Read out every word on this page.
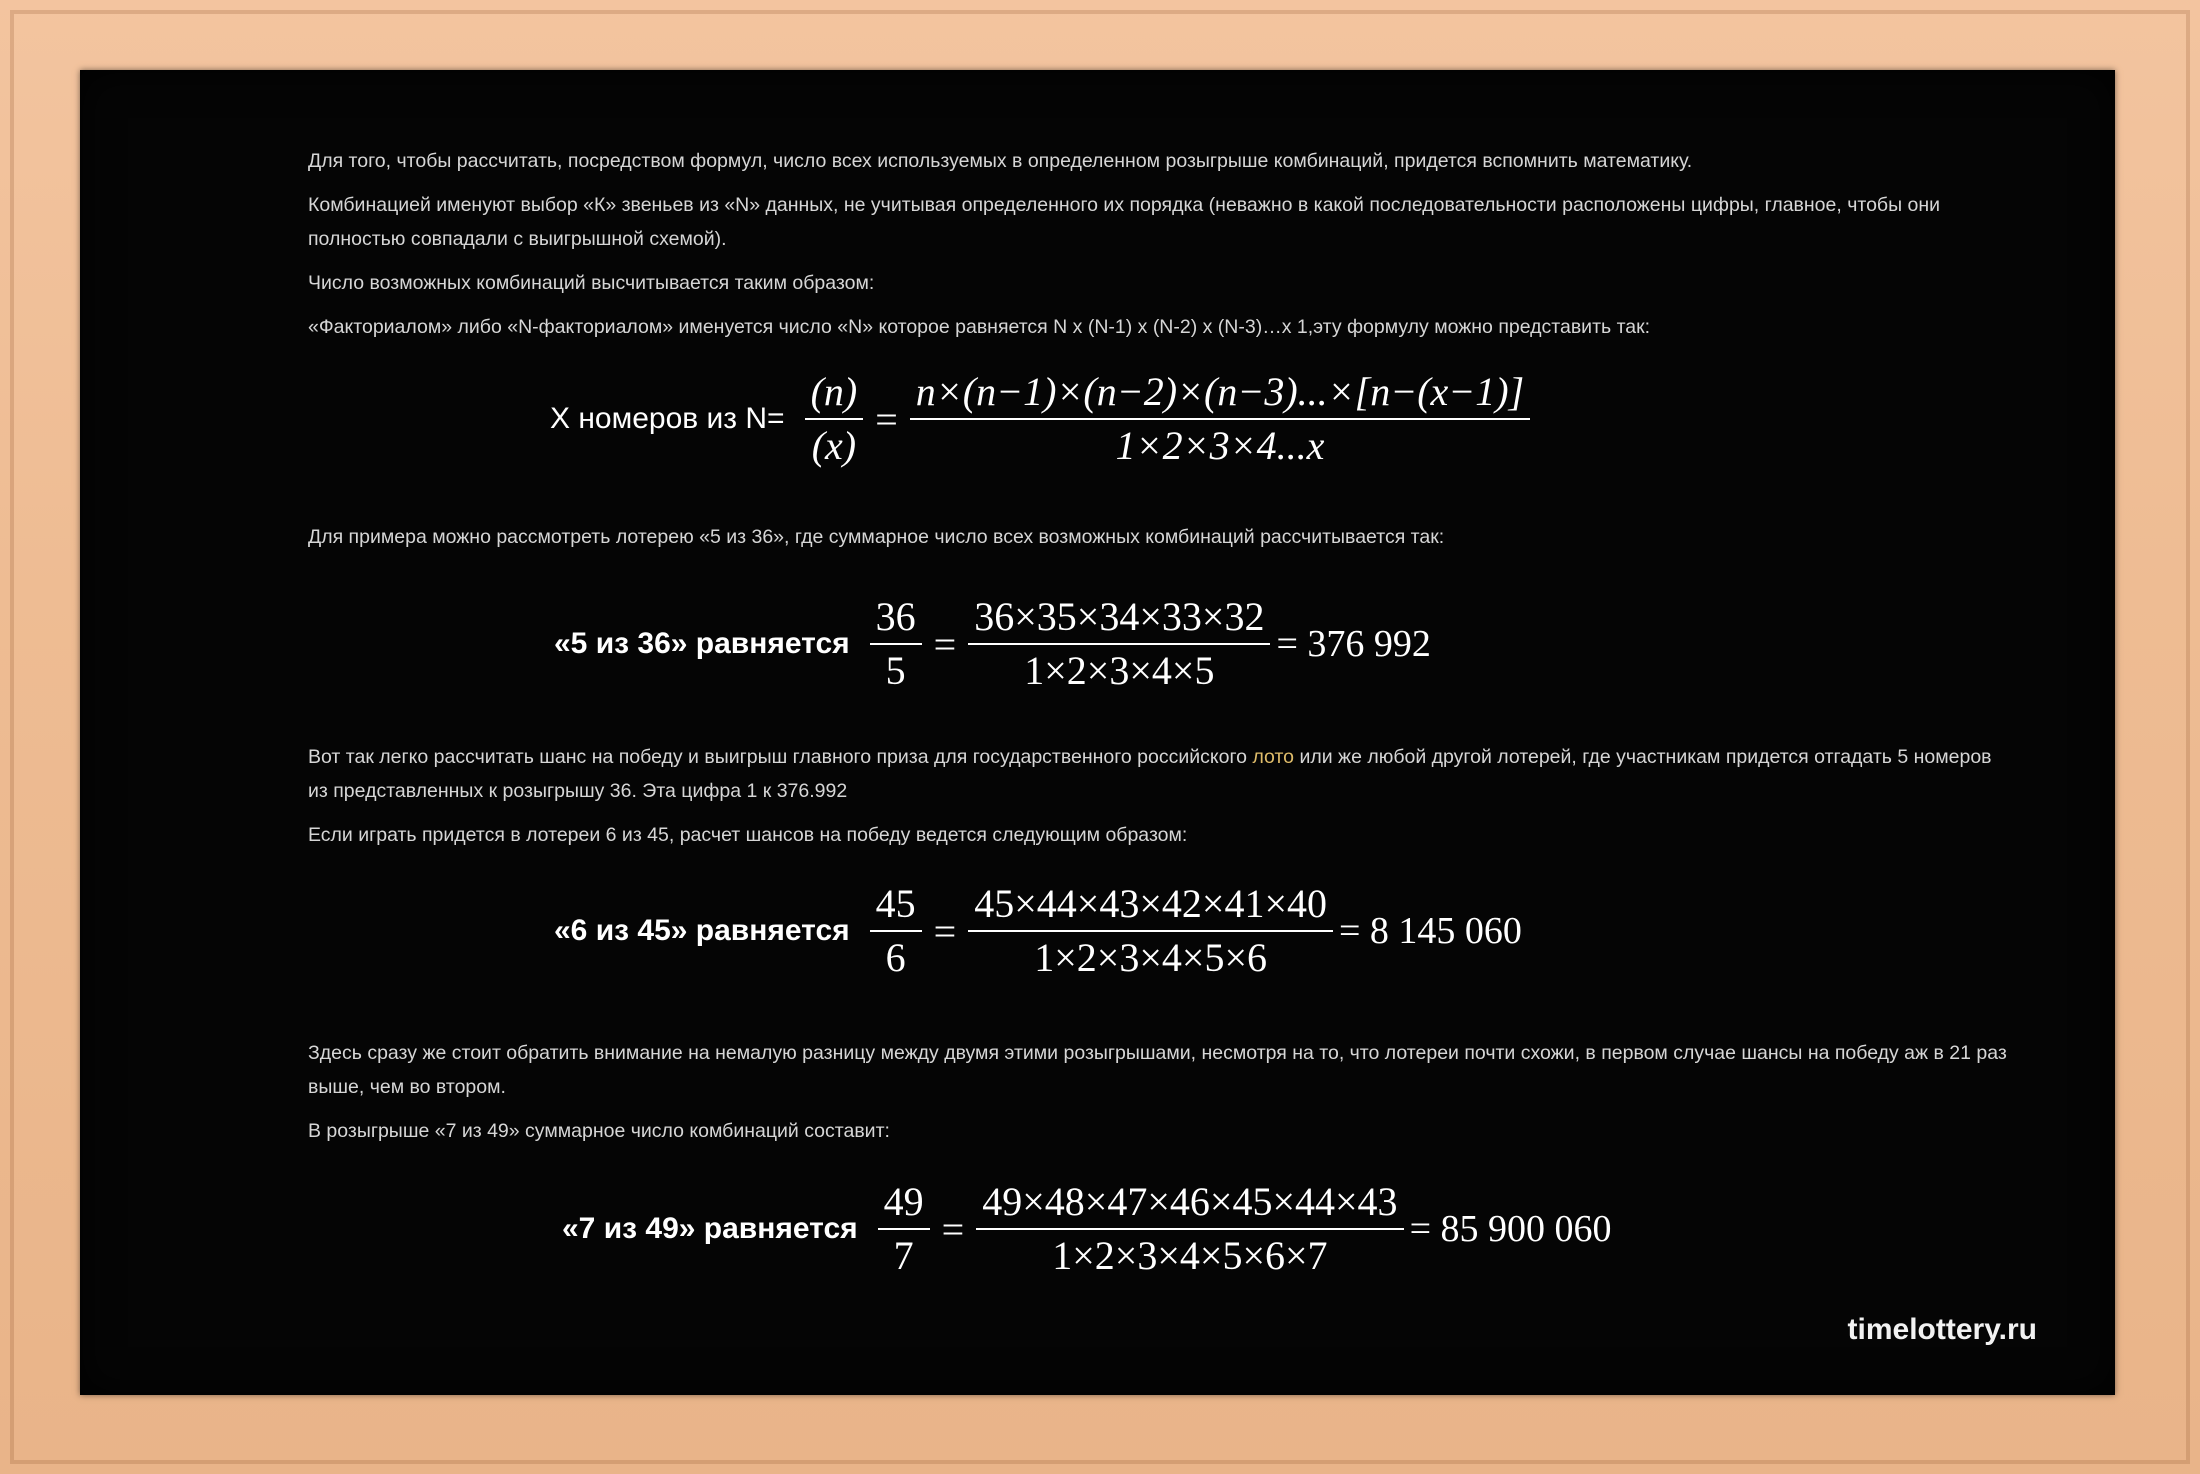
Для того, чтобы рассчитать, посредством формул, число всех используемых в определенном розыгрыше комбинаций, придется вспомнить математику.

Комбинацией именуют выбор «К» звеньев из «N» данных, не учитывая определенного их порядка (неважно в какой последовательности расположены цифры, главное, чтобы они полностью совпадали с выигрышной схемой).

Число возможных комбинаций высчитывается таким образом:

«Факториалом» либо «N-факториалом» именуется число «N» которое равняется N x (N-1) x (N-2) x (N-3)…x 1,эту формулу можно представить так:

X номеров из $N= \frac{(n)}{(x)} = \frac{n\times(n-1)\times(n-2)\times(n-3)...\times[n-(x-1)]}{1\times 2\times 3\times 4...x}$

Для примера можно рассмотреть лотерею «5 из 36», где суммарное число всех возможных комбинаций рассчитывается так:

«5 из 36» равняется $\frac{36}{5} = \frac{36\times 35\times 34\times 33\times 32}{1\times 2\times 3\times 4\times 5} = 376$ 992

Вот так легко рассчитать шанс на победу и выигрыш главного приза для государственного российского лото или же любой другой лотерей, где участникам придется отгадать 5 номеров из представленных к розыгрышу 36. Эта цифра 1 к 376.992

Если играть придется в лотереи 6 из 45, расчет шансов на победу ведется следующим образом:

«6 из 45» равняется $\frac{45}{6} = \frac{45\times 44\times 43\times 42\times 41\times 40}{1\times 2\times 3\times 4\times 5\times 6} = 8$ 145 060

Здесь сразу же стоит обратить внимание на немалую разницу между двумя этими розыгрышами, несмотря на то, что лотереи почти схожи, в первом случае шансы на победу аж в 21 раз выше, чем во втором.

В розыгрыше «7 из 49» суммарное число комбинаций составит:

«7 из 49» равняется $\frac{49}{7} = \frac{49\times 48\times 47\times 46\times 45\times 44\times 43}{1\times 2\times 3\times 4\times 5\times 6\times 7} = 85$ 900 060
timelottery.ru
